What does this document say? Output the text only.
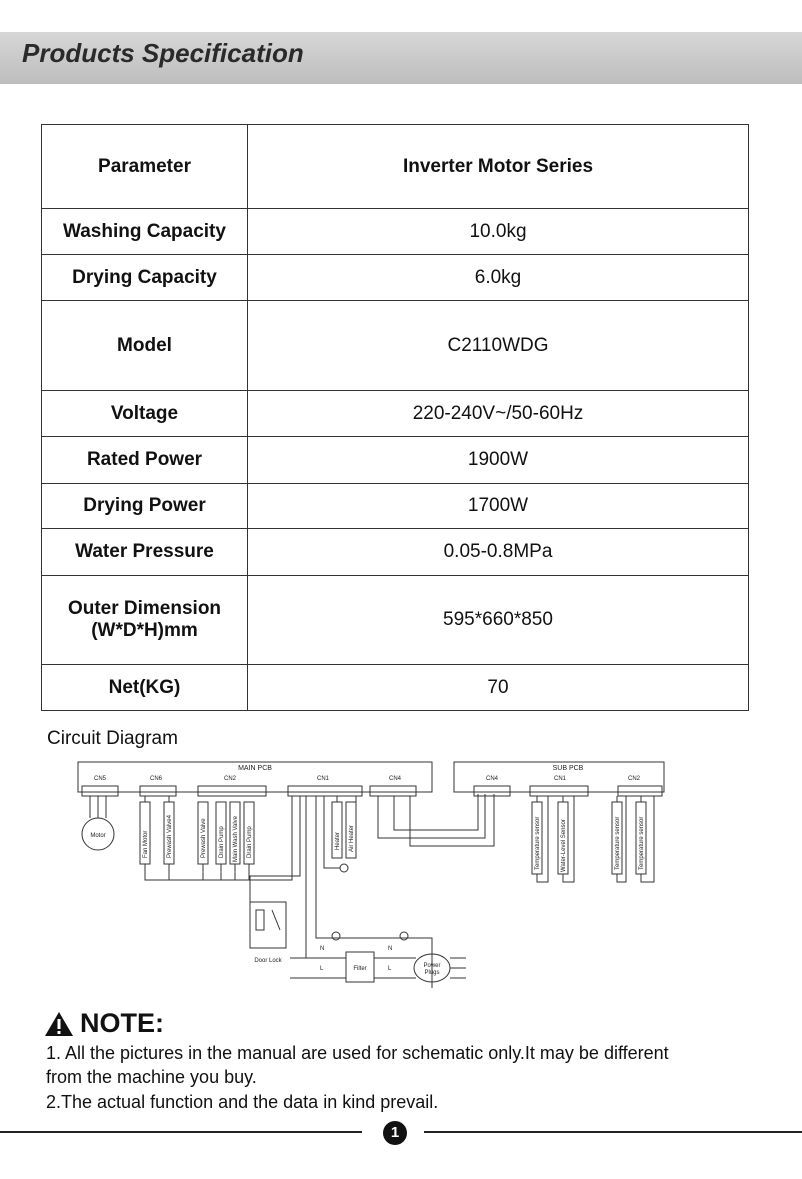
Products Specification
Parameter	Inverter Motor Series
Washing Capacity	10.0kg
Drying Capacity	6.0kg
Model	C2110WDG
Voltage	220-240V~/50-60Hz
Rated Power	1900W
Drying Power	1700W
Water Pressure	0.05-0.8MPa

Outer Dimension
(W*D*H)mm	595*660*850
Net(KG)	70
Circuit Diagram
MAIN PCB
CN5	CN6	CN2	CN1	CN4
Motor	Fan Motor	Prewash Valve4	Prewash Valve Drain Pump Main Wash Valve Drain Pump	Heater Air Heater
Door Lock
Filter
N
L
N
L	Power
Plugs
SUB PCB
CN4	CN1	CN2
Temperature sensor	Water-Level Sensor	Temperature sensor	Temperature sensor
NOTE:
1. All the pictures in the manual are used for schematic only.It may be different
from the machine you buy.
2.The actual function and the data in kind prevail.
1
